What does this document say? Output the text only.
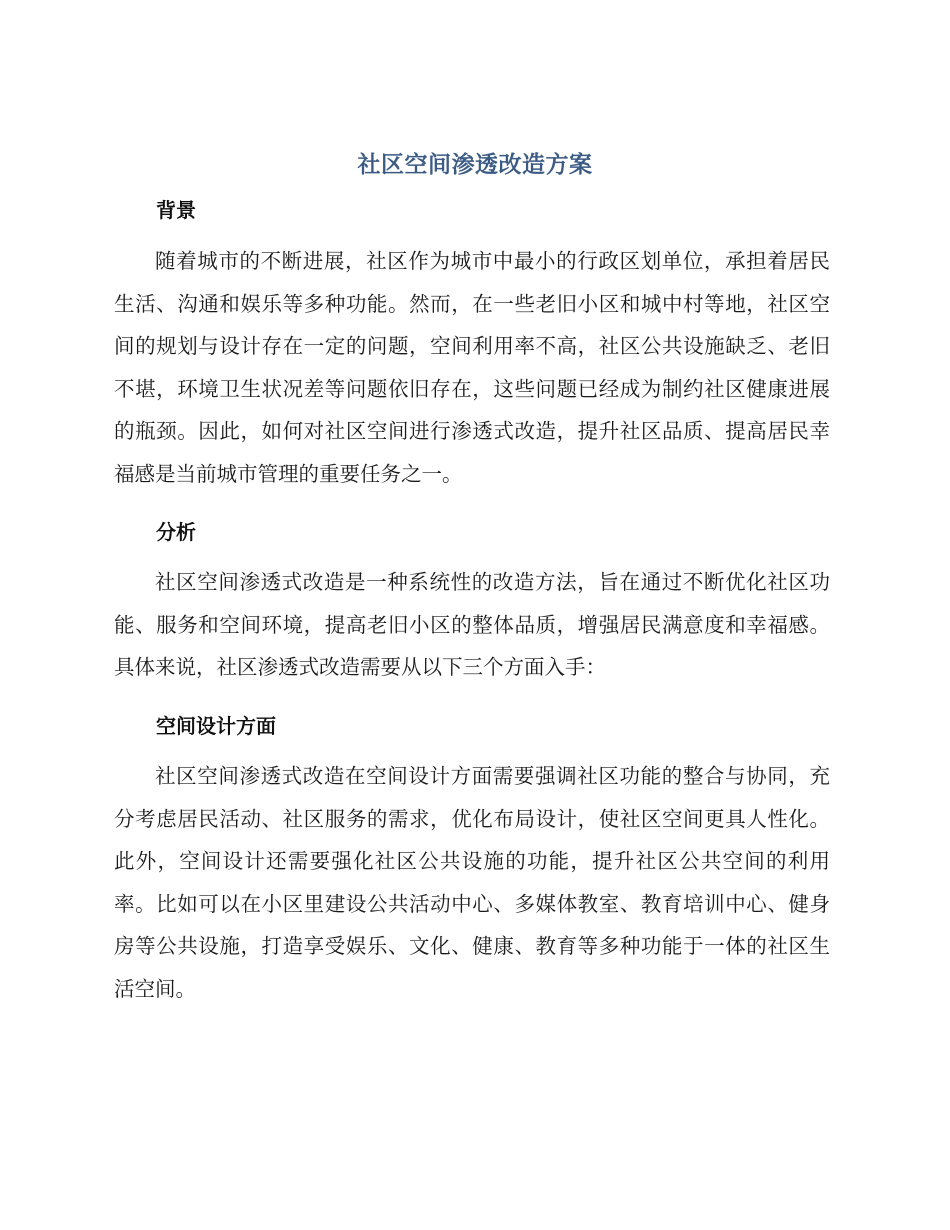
社区空间渗透改造方案
背景

随着城市的不断进展，社区作为城市中最小的行政区划单位，承担着居民生活、沟通和娱乐等多种功能。然而，在一些老旧小区和城中村等地，社区空间的规划与设计存在一定的问题，空间利用率不高，社区公共设施缺乏、老旧不堪，环境卫生状况差等问题依旧存在，这些问题已经成为制约社区健康进展的瓶颈。因此，如何对社区空间进行渗透式改造，提升社区品质、提高居民幸福感是当前城市管理的重要任务之一。

分析

社区空间渗透式改造是一种系统性的改造方法，旨在通过不断优化社区功能、服务和空间环境，提高老旧小区的整体品质，增强居民满意度和幸福感。具体来说，社区渗透式改造需要从以下三个方面入手：

空间设计方面

社区空间渗透式改造在空间设计方面需要强调社区功能的整合与协同，充分考虑居民活动、社区服务的需求，优化布局设计，使社区空间更具人性化。此外，空间设计还需要强化社区公共设施的功能，提升社区公共空间的利用率。比如可以在小区里建设公共活动中心、多媒体教室、教育培训中心、健身房等公共设施，打造享受娱乐、文化、健康、教育等多种功能于一体的社区生活空间。
